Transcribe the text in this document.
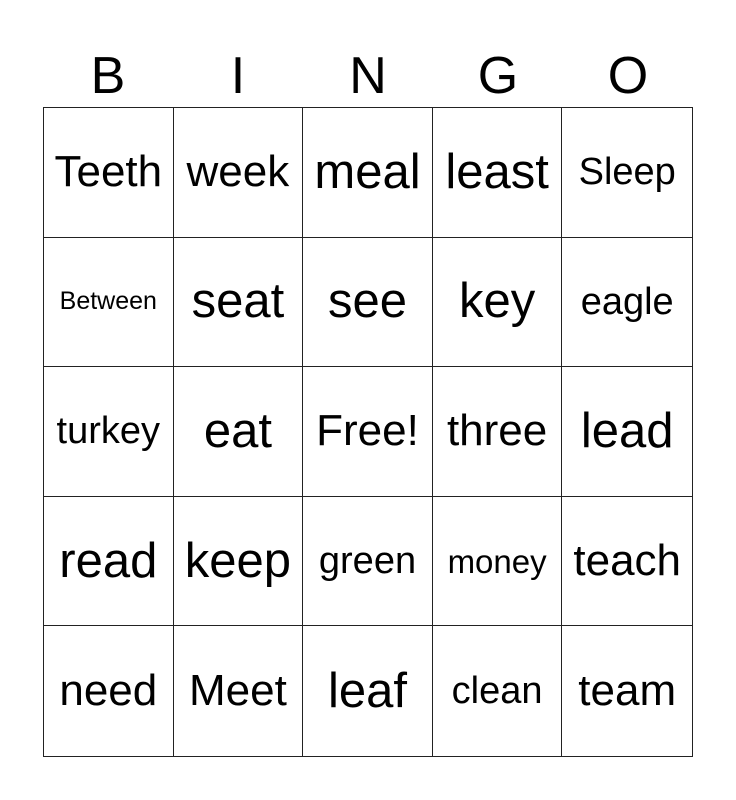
B	I	N	G	O
Teeth week meal least Sleep
Between seat see	key	eagle
turkey eat	Free! three lead
read keep green money teach
need Meet leaf	clean team
